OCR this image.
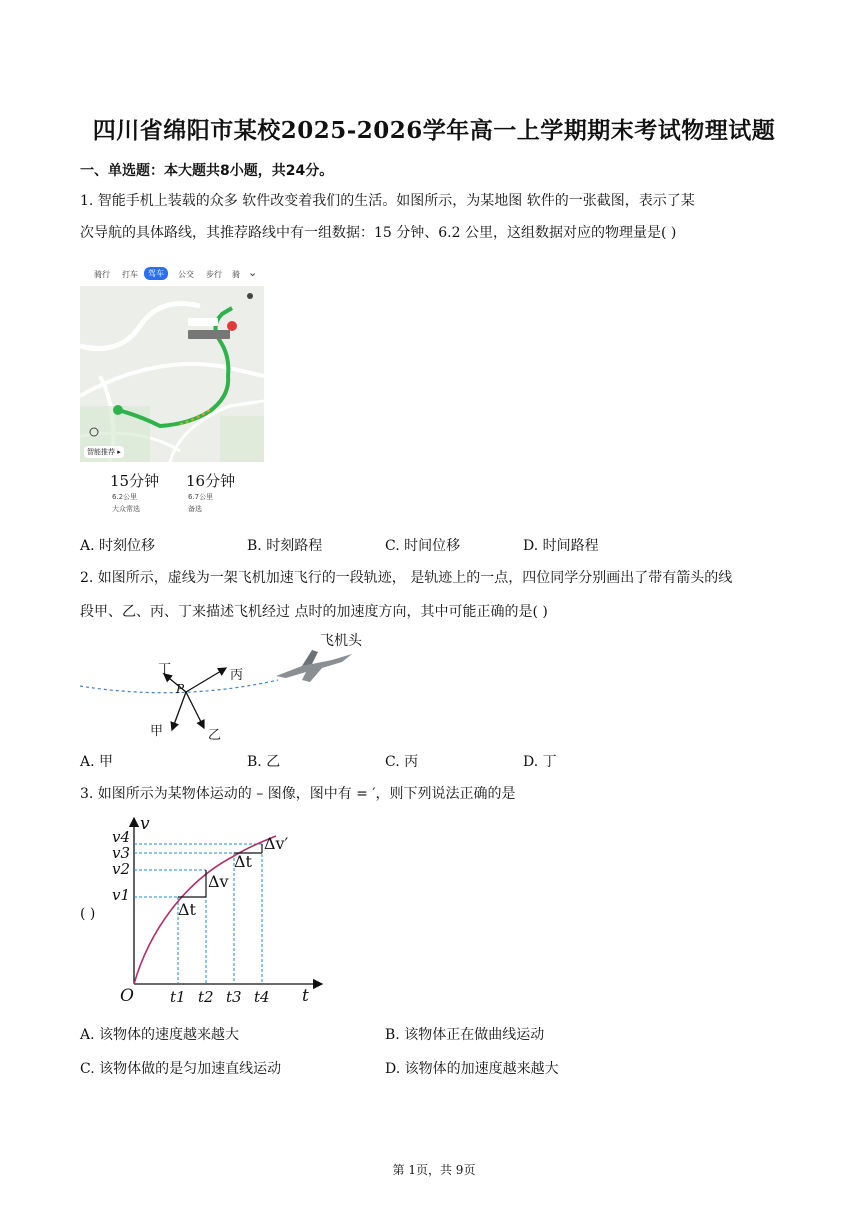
四川省绵阳市某校2025-2026学年高一上学期期末考试物理试题
一、单选题：本大题共8小题，共24分。
1. 智能手机上装载的众多 软件改变着我们的生活。如图所示，为某地图 软件的一张截图，表示了某
次导航的具体路线，其推荐路线中有一组数据：15 分钟、6.2 公里，这组数据对应的物理量是( )
骑行 打车	驾车	公交 步行 骑 ⌄
智能推荐 ▸
15分钟
6.2公里
大众常选
16分钟
6.7公里
备选
A. 时刻位移	B. 时刻路程	C. 时间位移	D. 时间路程
2. 如图所示，虚线为一架飞机加速飞行的一段轨迹， 是轨迹上的一点，四位同学分别画出了带有箭头的线
段甲、乙、丙、丁来描述飞机经过 点时的加速度方向，其中可能正确的是( )
飞机头
P
甲	乙
丙
丁
A. 甲	B. 乙	C. 丙	D. 丁
3. 如图所示为某物体运动的 – 图像，图中有 = ′，则下列说法正确的是
( )
v
t
O
v1
v2
v3
v4
t1 t2 t3 t4
Δt
Δv
Δt
Δv′
A. 该物体的速度越来越大	B. 该物体正在做曲线运动
C. 该物体做的是匀加速直线运动	D. 该物体的加速度越来越大
第 1页，共 9页
